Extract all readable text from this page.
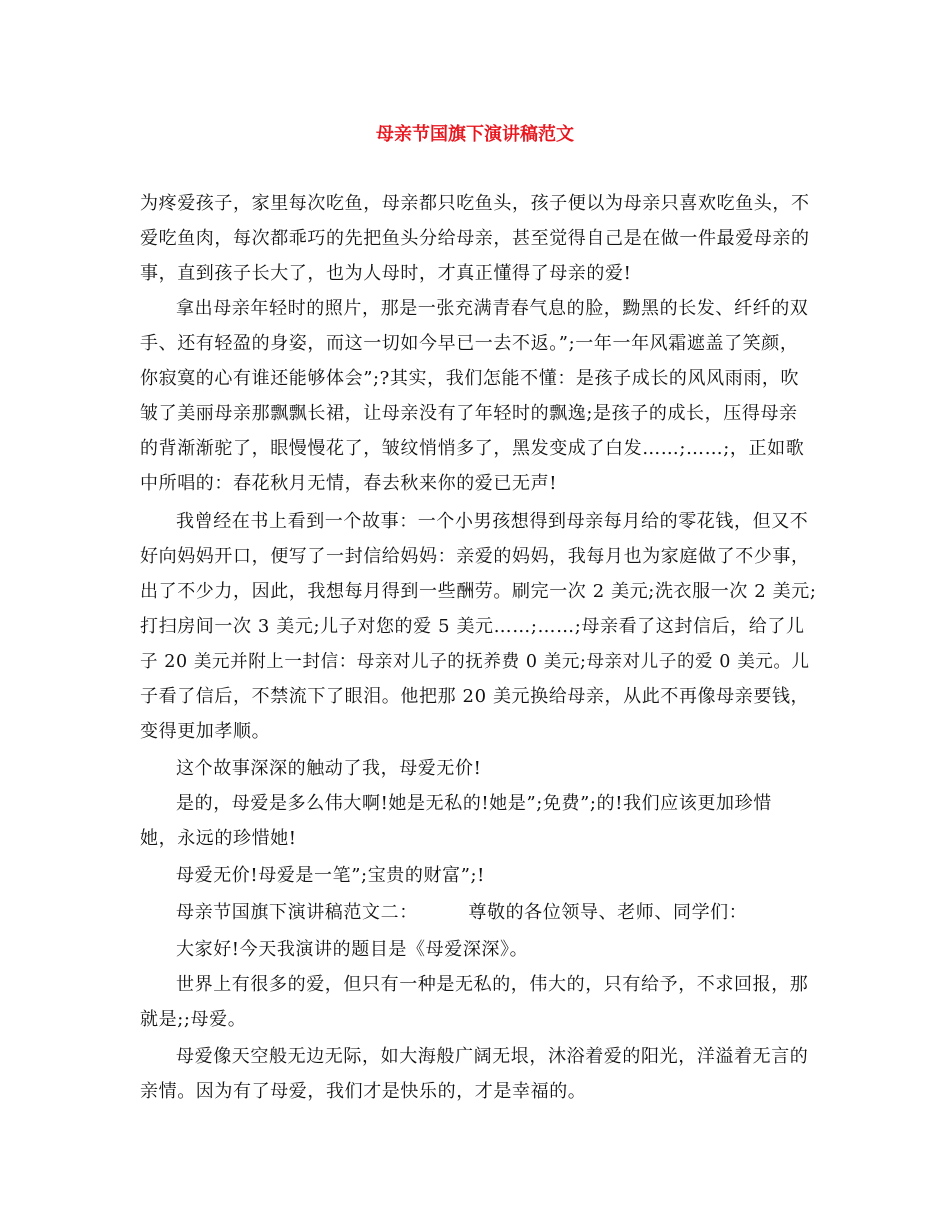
母亲节国旗下演讲稿范文
为疼爱孩子，家里每次吃鱼，母亲都只吃鱼头，孩子便以为母亲只喜欢吃鱼头，不
爱吃鱼肉，每次都乖巧的先把鱼头分给母亲，甚至觉得自己是在做一件最爱母亲的
事，直到孩子长大了，也为人母时，才真正懂得了母亲的爱!
拿出母亲年轻时的照片，那是一张充满青春气息的脸，黝黑的长发、纤纤的双
手、还有轻盈的身姿，而这一切如今早已一去不返。”;一年一年风霜遮盖了笑颜，
你寂寞的心有谁还能够体会”;?其实，我们怎能不懂：是孩子成长的风风雨雨，吹
皱了美丽母亲那飘飘长裙，让母亲没有了年轻时的飘逸;是孩子的成长，压得母亲
的背渐渐驼了，眼慢慢花了，皱纹悄悄多了，黑发变成了白发……;……;，正如歌
中所唱的：春花秋月无情，春去秋来你的爱已无声!
我曾经在书上看到一个故事：一个小男孩想得到母亲每月给的零花钱，但又不
好向妈妈开口，便写了一封信给妈妈：亲爱的妈妈，我每月也为家庭做了不少事，
出了不少力，因此，我想每月得到一些酬劳。刷完一次 2 美元;洗衣服一次 2 美元;
打扫房间一次 3 美元;儿子对您的爱 5 美元……;……;母亲看了这封信后，给了儿
子 20 美元并附上一封信：母亲对儿子的抚养费 0 美元;母亲对儿子的爱 0 美元。儿
子看了信后，不禁流下了眼泪。他把那 20 美元换给母亲，从此不再像母亲要钱，
变得更加孝顺。
这个故事深深的触动了我，母爱无价!
是的，母爱是多么伟大啊!她是无私的!她是”;免费”;的!我们应该更加珍惜
她，永远的珍惜她!
母爱无价!母爱是一笔”;宝贵的财富”;!
母亲节国旗下演讲稿范文二：        尊敬的各位领导、老师、同学们：
大家好!今天我演讲的题目是《母爱深深》。
世界上有很多的爱，但只有一种是无私的，伟大的，只有给予，不求回报，那
就是;;母爱。
母爱像天空般无边无际，如大海般广阔无垠，沐浴着爱的阳光，洋溢着无言的
亲情。因为有了母爱，我们才是快乐的，才是幸福的。
